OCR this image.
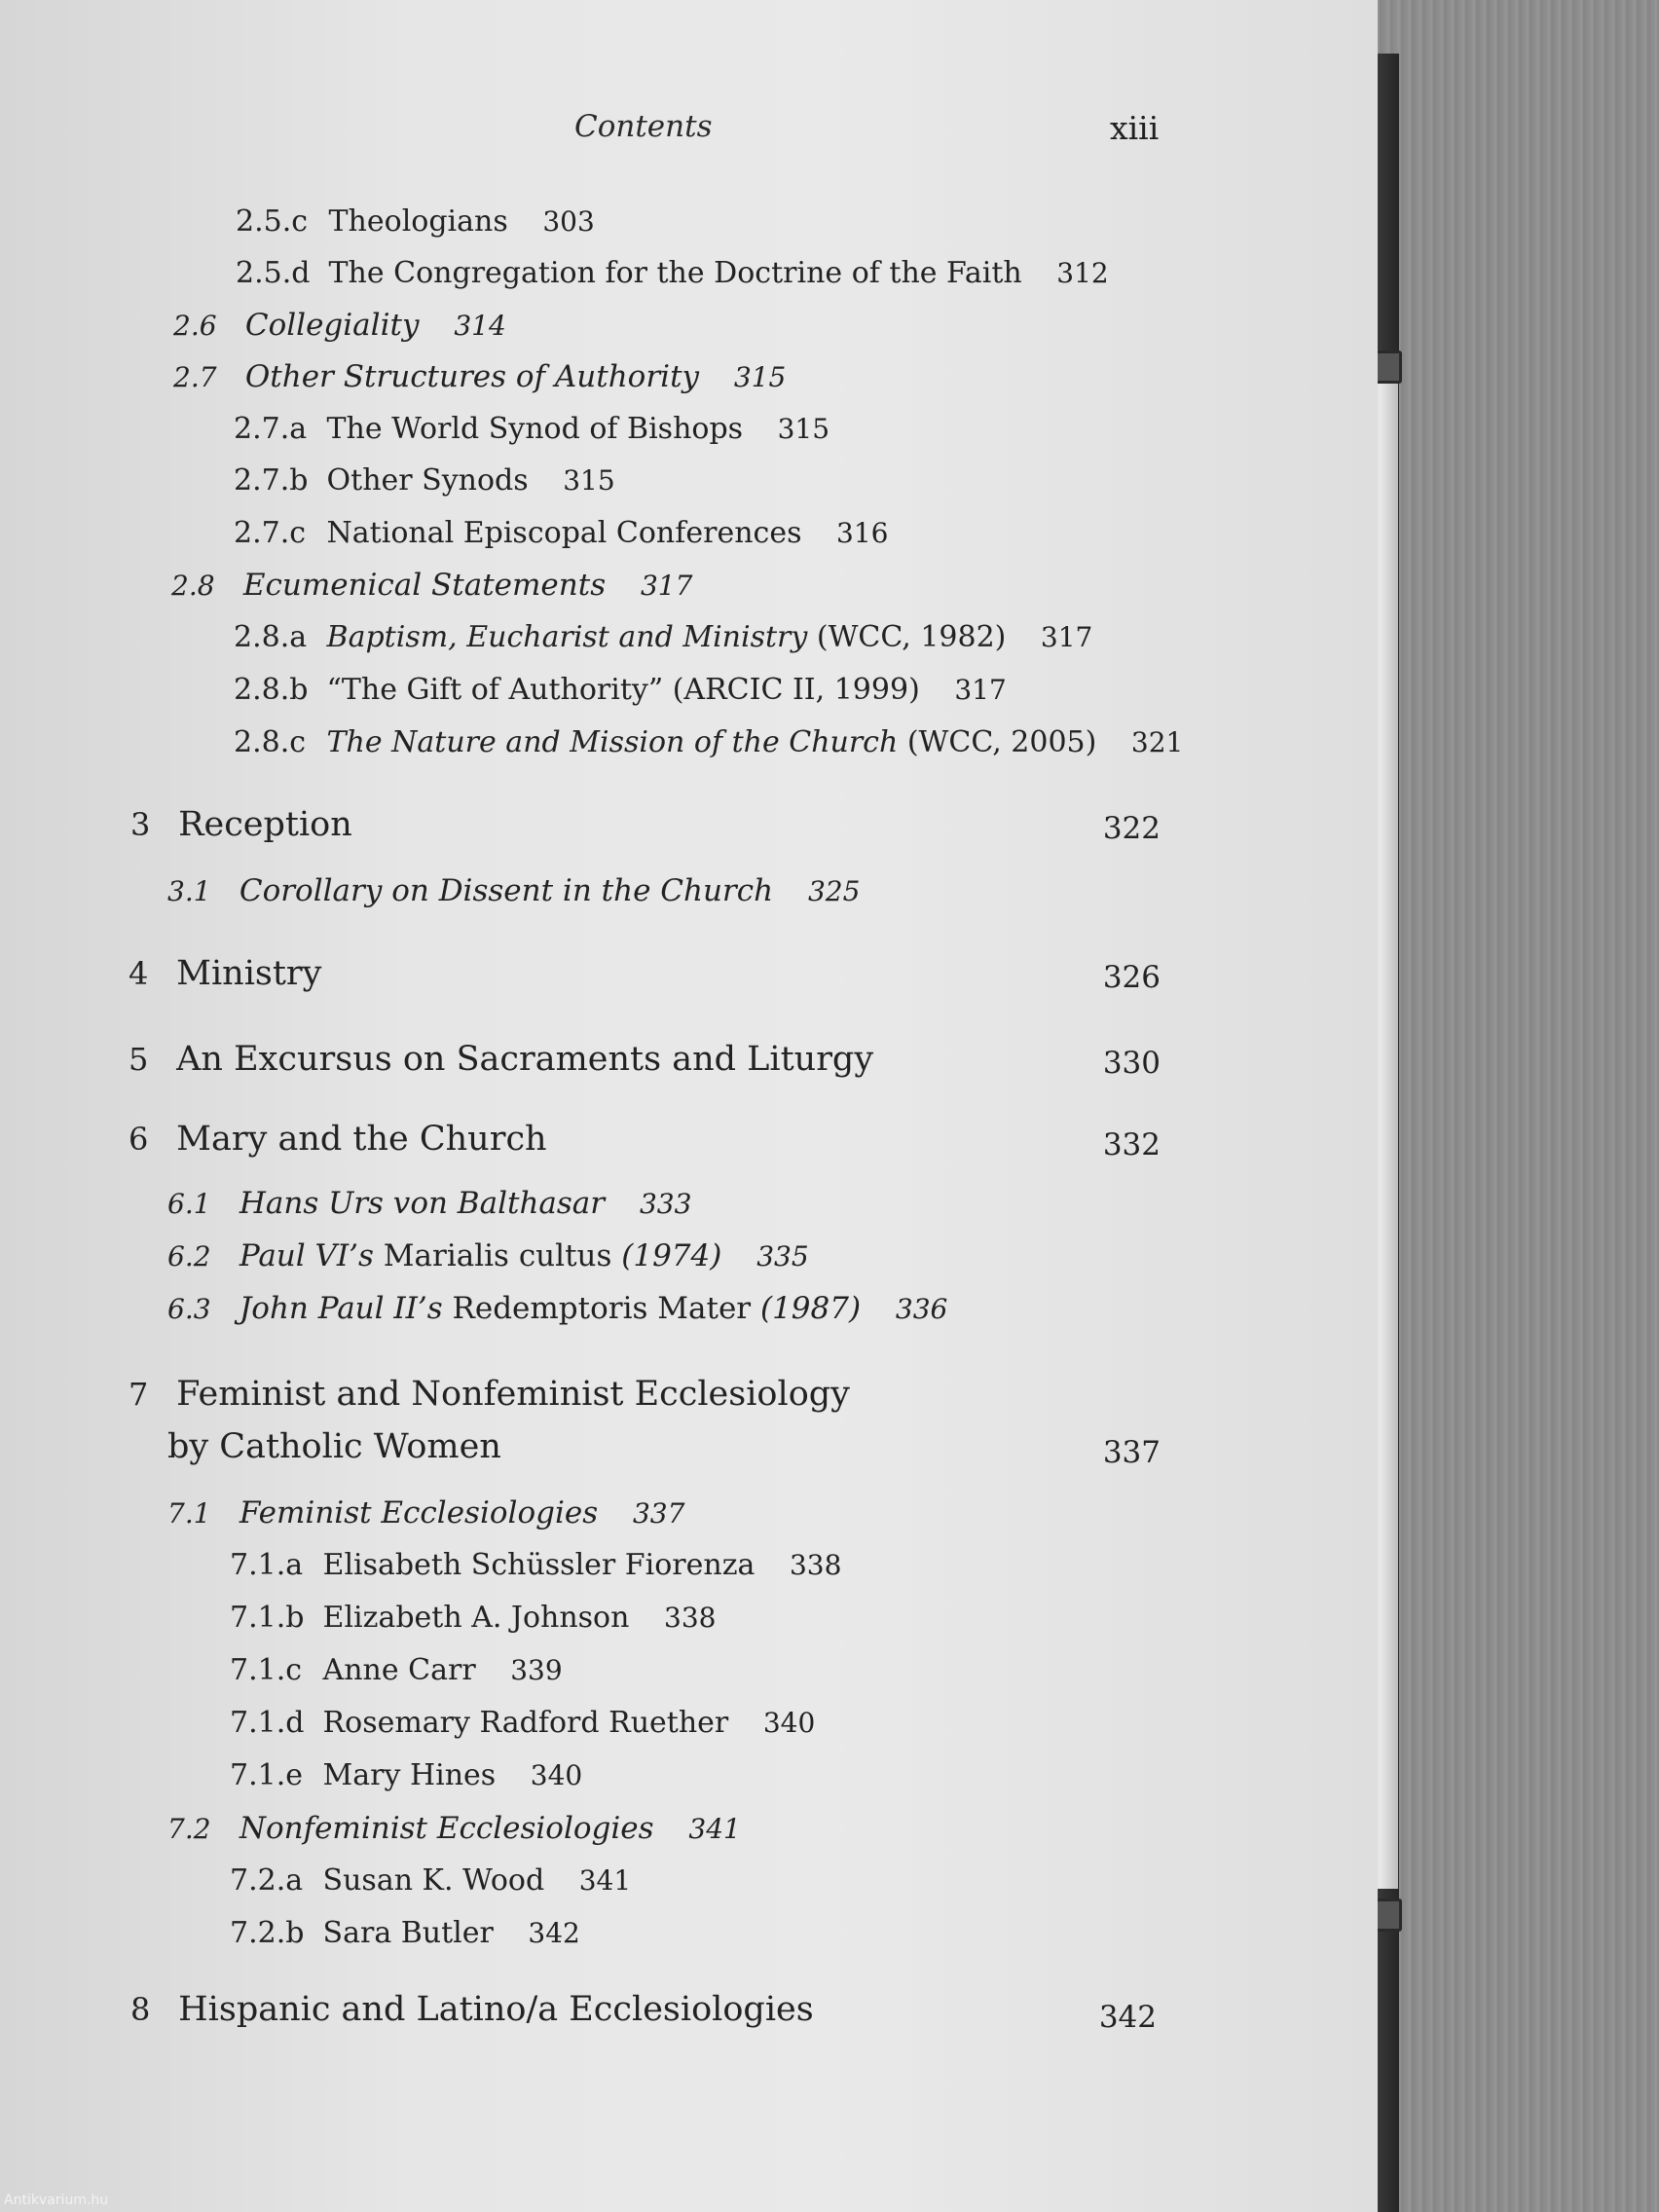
Contents	xiii
2.5.c Theologians 303
2.5.d The Congregation for the Doctrine of the Faith 312
2.6 Collegiality 314
2.7 Other Structures of Authority 315
2.7.a The World Synod of Bishops 315
2.7.b Other Synods 315
2.7.c National Episcopal Conferences 316
2.8 Ecumenical Statements 317
2.8.a Baptism, Eucharist and Ministry (WCC, 1982) 317
2.8.b “The Gift of Authority” (ARCIC II, 1999) 317
2.8.c The Nature and Mission of the Church (WCC, 2005) 321
3 Reception	322
3.1 Corollary on Dissent in the Church 325
4 Ministry	326
5 An Excursus on Sacraments and Liturgy	330
6 Mary and the Church	332
6.1 Hans Urs von Balthasar 333
6.2 Paul VI’s Marialis cultus (1974) 335
6.3 John Paul II’s Redemptoris Mater (1987) 336
7 Feminist and Nonfeminist Ecclesiology
by Catholic Women	337
7.1 Feminist Ecclesiologies 337
7.1.a Elisabeth Schüssler Fiorenza 338
7.1.b Elizabeth A. Johnson 338
7.1.c Anne Carr 339
7.1.d Rosemary Radford Ruether 340
7.1.e Mary Hines 340
7.2 Nonfeminist Ecclesiologies 341
7.2.a Susan K. Wood 341
7.2.b Sara Butler 342
8 Hispanic and Latino/a Ecclesiologies	342
Antikvarium.hu
